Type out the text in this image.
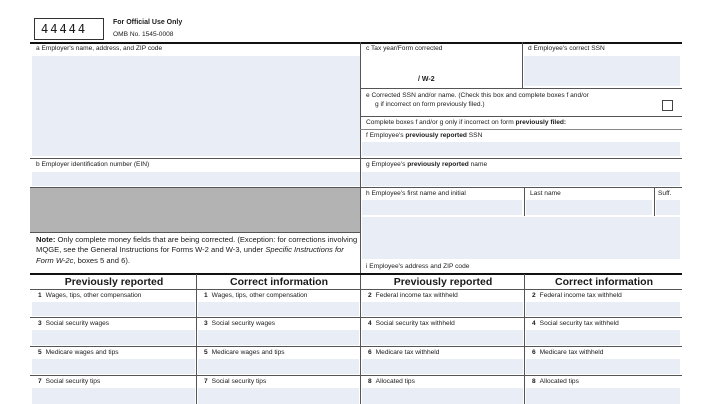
44444	For Official Use Only
OMB No. 1545-0008
a Employer's name, address, and ZIP code
b Employer identification number (EIN)
Note: Only complete money fields that are being corrected. (Exception: for corrections involving MQGE, see the General Instructions for Forms W-2 and W-3, under Specific Instructions for Form W-2c, boxes 5 and 6).
c Tax year/Form corrected
/ W-2
d Employee's correct SSN
e Corrected SSN and/or name. (Check this box and complete boxes f and/or
g if incorrect on form previously filed.)
Complete boxes f and/or g only if incorrect on form previously filed:
f Employee's previously reported SSN
g Employee's previously reported name
h Employee's first name and initial	Last name	Suff.
i Employee's address and ZIP code
Previously reported	Correct information	Previously reported	Correct information
1 Wages, tips, other compensation	1 Wages, tips, other compensation	2 Federal income tax withheld	2 Federal income tax withheld
3 Social security wages	3 Social security wages	4 Social security tax withheld	4 Social security tax withheld
5 Medicare wages and tips	5 Medicare wages and tips	6 Medicare tax withheld	6 Medicare tax withheld
7 Social security tips	7 Social security tips	8 Allocated tips	8 Allocated tips
